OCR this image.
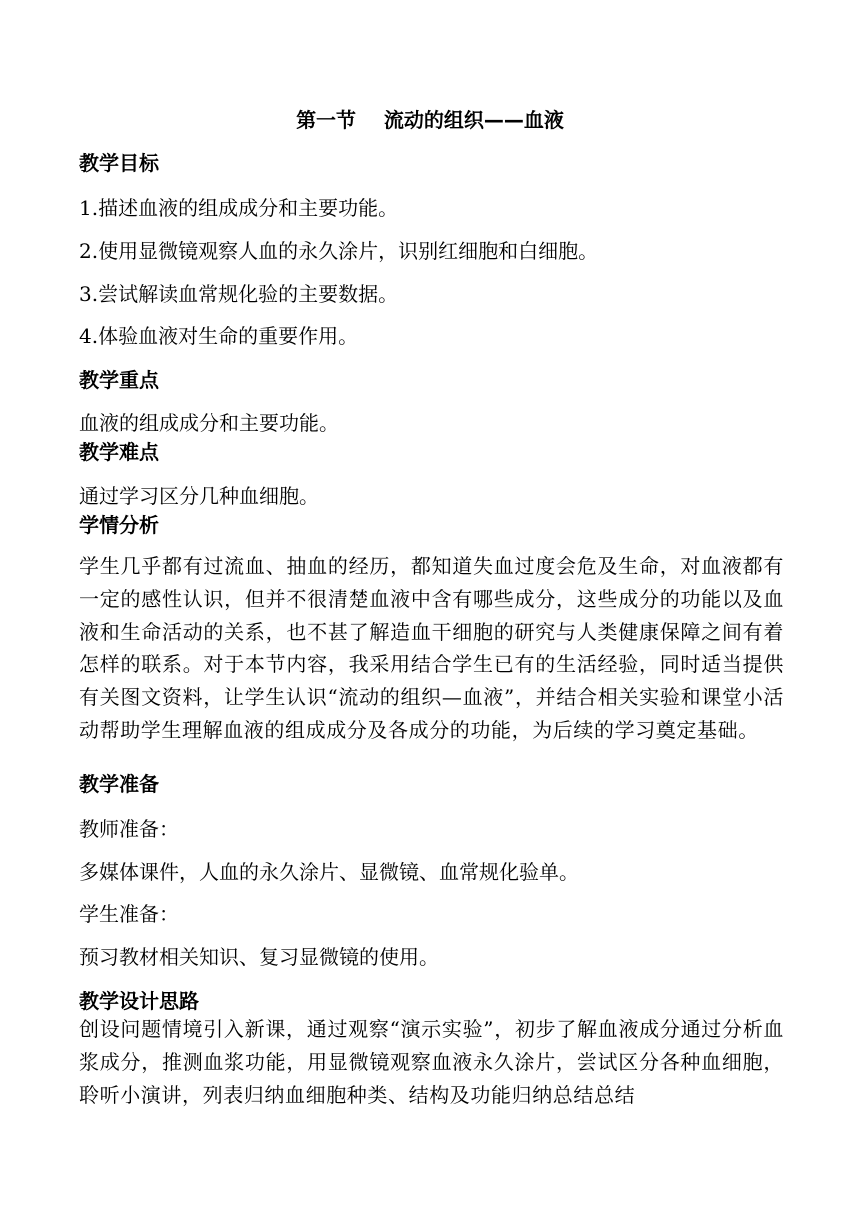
第一节    流动的组织——血液
教学目标
1.描述血液的组成成分和主要功能。
2.使用显微镜观察人血的永久涂片，识别红细胞和白细胞。
3.尝试解读血常规化验的主要数据。
4.体验血液对生命的重要作用。
教学重点
血液的组成成分和主要功能。
教学难点
通过学习区分几种血细胞。
学情分析
学生几乎都有过流血、抽血的经历，都知道失血过度会危及生命，对血液都有一定的感性认识，但并不很清楚血液中含有哪些成分，这些成分的功能以及血液和生命活动的关系，也不甚了解造血干细胞的研究与人类健康保障之间有着怎样的联系。对于本节内容，我采用结合学生已有的生活经验，同时适当提供有关图文资料，让学生认识“流动的组织—血液”，并结合相关实验和课堂小活动帮助学生理解血液的组成成分及各成分的功能，为后续的学习奠定基础。
教学准备
教师准备：
多媒体课件，人血的永久涂片、显微镜、血常规化验单。
学生准备：
预习教材相关知识、复习显微镜的使用。
教学设计思路
创设问题情境引入新课，通过观察“演示实验”，初步了解血液成分通过分析血浆成分，推测血浆功能，用显微镜观察血液永久涂片，尝试区分各种血细胞，聆听小演讲，列表归纳血细胞种类、结构及功能归纳总结总结
